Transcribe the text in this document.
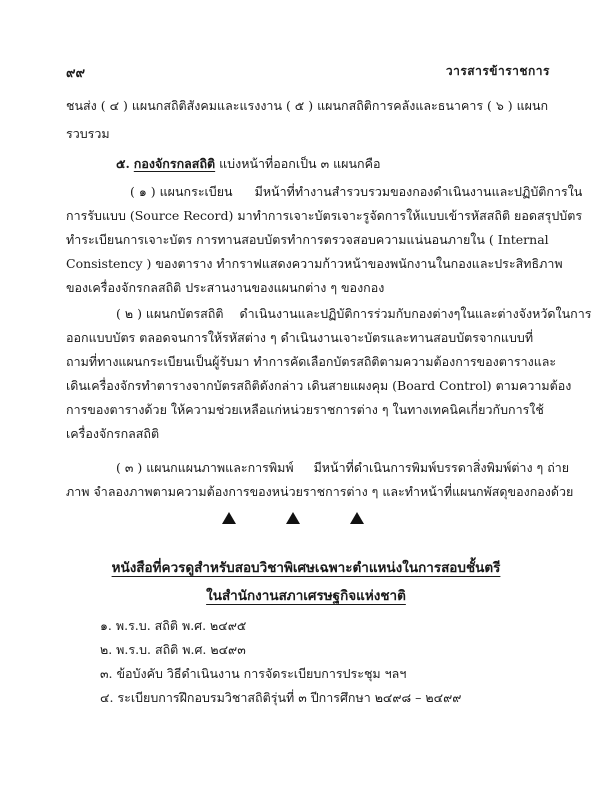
๙๙	วารสารข้าราชการ
ชนส่ง ( ๔ ) แผนกสถิติสังคมและแรงงาน ( ๕ ) แผนกสถิติการคลังและธนาคาร ( ๖ ) แผนก
รวบรวม
๕. กองจักรกลสถิติ แบ่งหน้าที่ออกเป็น ๓ แผนกคือ
( ๑ ) แผนกระเบียน มีหน้าที่ทำงานสำรวบรวมของกองดำเนินงานและปฏิบัติการใน
การรับแบบ (Source Record) มาทำการเจาะบัตรเจาะรูจัดการให้แบบเข้ารหัสสถิติ ยอดสรุปบัตร
ทำระเบียนการเจาะบัตร การทานสอบบัตรทำการตรวจสอบความแน่นอนภายใน ( Internal
Consistency ) ของตาราง ทำกราฟแสดงความก้าวหน้าของพนักงานในกองและประสิทธิภาพ
ของเครื่องจักรกลสถิติ ประสานงานของแผนกต่าง ๆ ของกอง
( ๒ ) แผนกบัตรสถิติ ดำเนินงานและปฏิบัติการร่วมกับกองต่างๆในและต่างจังหวัดในการ
ออกแบบบัตร ตลอดจนการให้รหัสต่าง ๆ ดำเนินงานเจาะบัตรและทานสอบบัตรจากแบบที่
ถามที่ทางแผนกระเบียนเป็นผู้รับมา ทำการคัดเลือกบัตรสถิติตามความต้องการของตารางและ
เดินเครื่องจักรทำตารางจากบัตรสถิติดังกล่าว เดินสายแผงคุม (Board Control) ตามความต้อง
การของตารางด้วย ให้ความช่วยเหลือแก่หน่วยราชการต่าง ๆ ในทางเทคนิคเกี่ยวกับการใช้
เครื่องจักรกลสถิติ
( ๓ ) แผนกแผนภาพและการพิมพ์ มีหน้าที่ดำเนินการพิมพ์บรรดาสิ่งพิมพ์ต่าง ๆ ถ่าย
ภาพ จำลองภาพตามความต้องการของหน่วยราชการต่าง ๆ และทำหน้าที่แผนกพัสดุของกองด้วย
หนังสือที่ควรดูสำหรับสอบวิชาพิเศษเฉพาะตำแหน่งในการสอบชั้นตรี
ในสำนักงานสภาเศรษฐกิจแห่งชาติ
๑. พ.ร.บ. สถิติ พ.ศ. ๒๔๙๕
๒. พ.ร.บ. สถิติ พ.ศ. ๒๔๙๓
๓. ข้อบังคับ วิธีดำเนินงาน การจัดระเบียบการประชุม ฯลฯ
๔. ระเบียบการฝึกอบรมวิชาสถิติรุ่นที่ ๓ ปีการศึกษา ๒๔๙๘ – ๒๔๙๙
